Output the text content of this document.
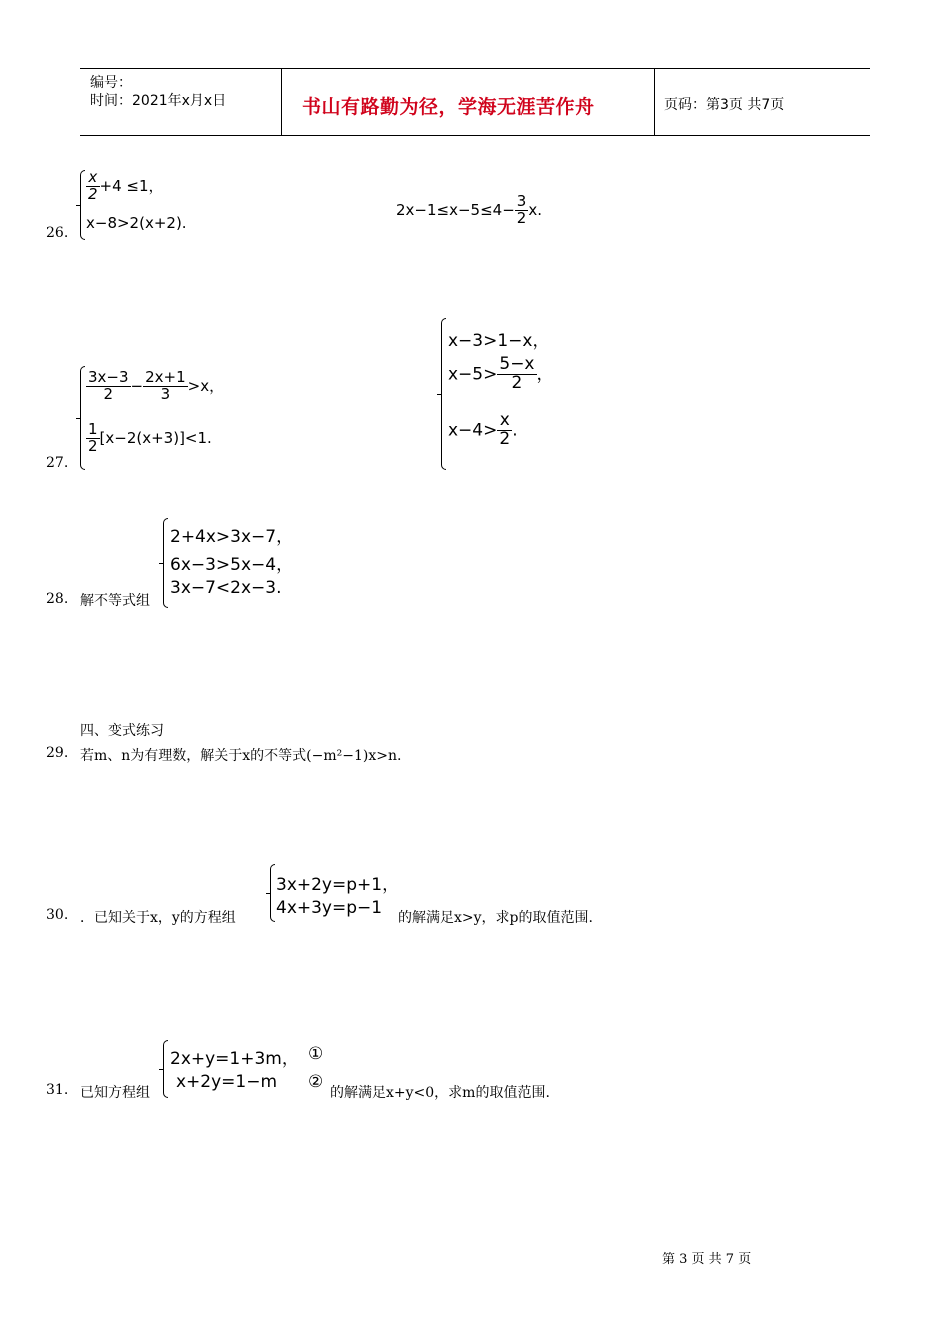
编号：
时间：2021年x月x日	书山有路勤为径，学海无涯苦作舟	页码：第3页 共7页
26.
$\frac{x}{2} +4 \le 1$，
x−8>2(x+2).
$2x-1\le x-5\le 4- \frac{3}{2} x$.
27.
$\frac{3x-3}{2} - \frac{2x+1}{3} >x$，
$\frac{1}{2} [x-2(x+3)]<1$.
x−3>1−x，
$x-5> \frac{5-x}{2}$ ，
$x-4> \frac{x}{2}$ .
28. 解不等式组
2+4x>3x−7，
6x−3>5x−4，
3x−7<2x−3.
四、变式练习
29. 若m、n为有理数，解关于x的不等式(−m²−1)x>n.
30. ．已知关于x，y的方程组
3x+2y=p+1，
4x+3y=p−1 的解满足x>y，求p的取值范围.
31. 已知方程组
2x+y=1+3m， ①
x+2y=1−m ②
的解满足x+y<0，求m的取值范围.
第 3 页 共 7 页
